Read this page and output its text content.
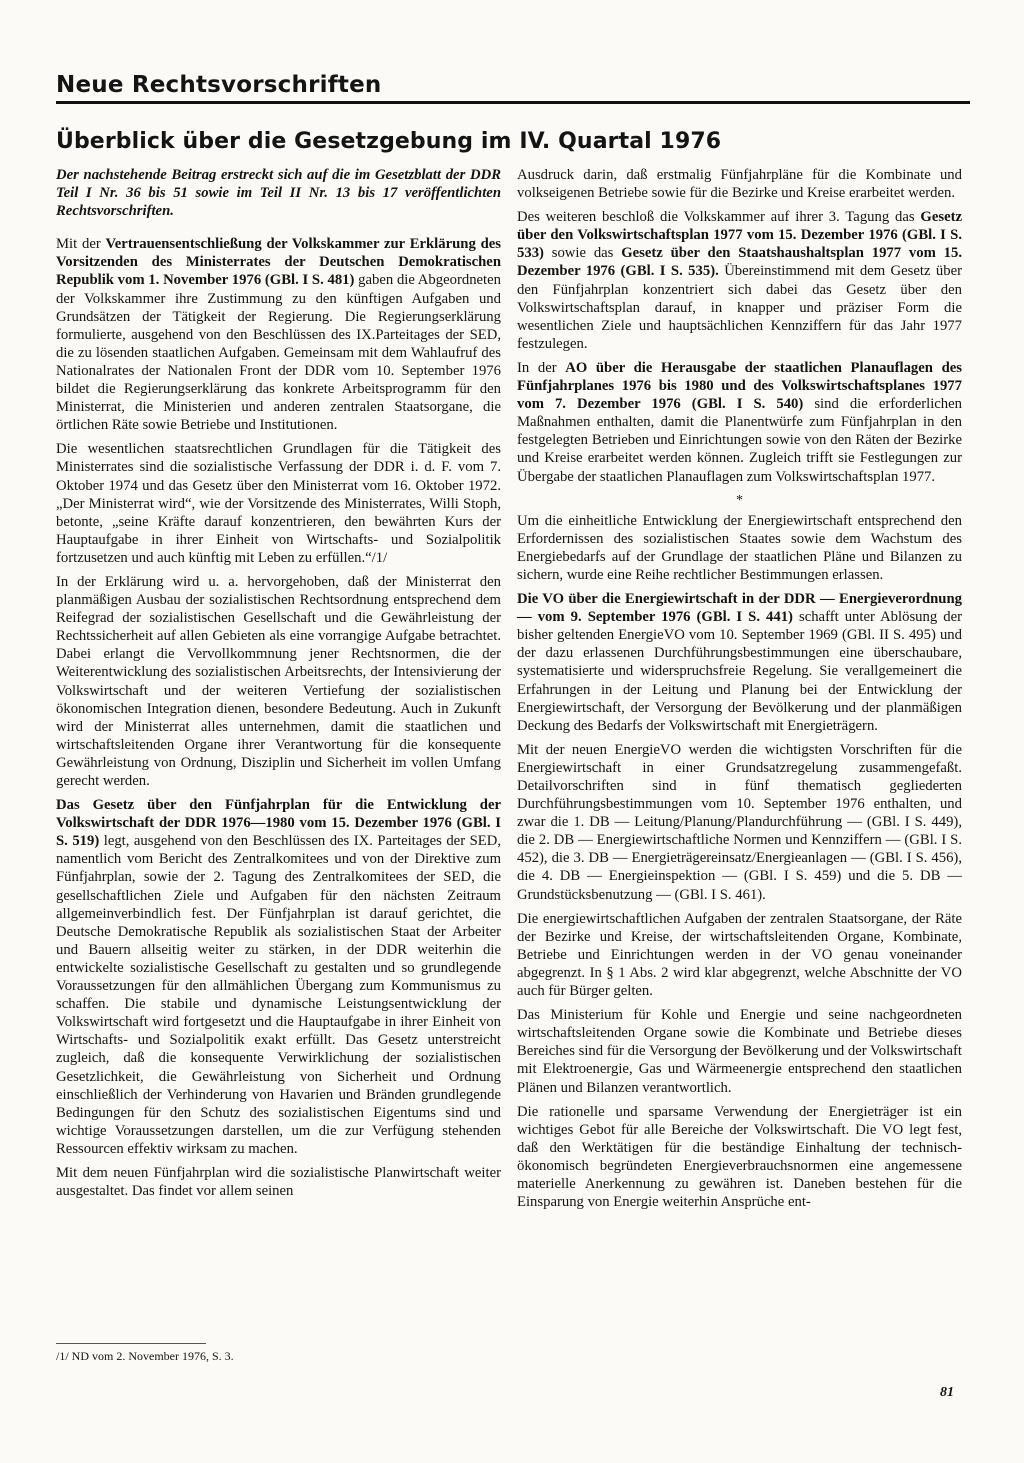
Neue Rechtsvorschriften
Überblick über die Gesetzgebung im IV. Quartal 1976

Der nachstehende Beitrag erstreckt sich auf die im Gesetzblatt der DDR Teil I Nr. 36 bis 51 sowie im Teil II Nr. 13 bis 17 veröffentlichten Rechtsvorschriften.

Mit der Vertrauensentschließung der Volkskammer zur Erklärung des Vorsitzenden des Ministerrates der Deutschen Demokratischen Republik vom 1. November 1976 (GBl. I S. 481) gaben die Abgeordneten der Volkskammer ihre Zustimmung zu den künftigen Aufgaben und Grundsätzen der Tätigkeit der Regierung. Die Regierungserklärung formulierte, ausgehend von den Beschlüssen des IX.Parteitages der SED, die zu lösenden staatlichen Aufgaben. Gemeinsam mit dem Wahlaufruf des Nationalrates der Nationalen Front der DDR vom 10. September 1976 bildet die Regierungserklärung das konkrete Arbeitsprogramm für den Ministerrat, die Ministerien und anderen zentralen Staatsorgane, die örtlichen Räte sowie Betriebe und Institutionen.

Die wesentlichen staatsrechtlichen Grundlagen für die Tätigkeit des Ministerrates sind die sozialistische Verfassung der DDR i. d. F. vom 7. Oktober 1974 und das Gesetz über den Ministerrat vom 16. Oktober 1972. „Der Ministerrat wird“, wie der Vorsitzende des Ministerrates, Willi Stoph, betonte, „seine Kräfte darauf konzentrieren, den bewährten Kurs der Hauptaufgabe in ihrer Einheit von Wirtschafts- und Sozialpolitik fortzusetzen und auch künftig mit Leben zu erfüllen.“/1/

In der Erklärung wird u. a. hervorgehoben, daß der Ministerrat den planmäßigen Ausbau der sozialistischen Rechtsordnung entsprechend dem Reifegrad der sozialistischen Gesellschaft und die Gewährleistung der Rechtssicherheit auf allen Gebieten als eine vorrangige Aufgabe betrachtet. Dabei erlangt die Vervollkommnung jener Rechtsnormen, die der Weiterentwicklung des sozialistischen Arbeitsrechts, der Intensivierung der Volkswirtschaft und der weiteren Vertiefung der sozialistischen ökonomischen Integration dienen, besondere Bedeutung. Auch in Zukunft wird der Ministerrat alles unternehmen, damit die staatlichen und wirtschaftsleitenden Organe ihrer Verantwortung für die konsequente Gewährleistung von Ordnung, Disziplin und Sicherheit im vollen Umfang gerecht werden.

Das Gesetz über den Fünfjahrplan für die Entwicklung der Volkswirtschaft der DDR 1976—1980 vom 15. Dezember 1976 (GBl. I S. 519) legt, ausgehend von den Beschlüssen des IX. Parteitages der SED, namentlich vom Bericht des Zentralkomitees und von der Direktive zum Fünfjahrplan, sowie der 2. Tagung des Zentralkomitees der SED, die gesellschaftlichen Ziele und Aufgaben für den nächsten Zeitraum allgemeinverbindlich fest. Der Fünfjahrplan ist darauf gerichtet, die Deutsche Demokratische Republik als sozialistischen Staat der Arbeiter und Bauern allseitig weiter zu stärken, in der DDR weiterhin die entwickelte sozialistische Gesellschaft zu gestalten und so grundlegende Voraussetzungen für den allmählichen Übergang zum Kommunismus zu schaffen. Die stabile und dynamische Leistungsentwicklung der Volkswirtschaft wird fortgesetzt und die Hauptaufgabe in ihrer Einheit von Wirtschafts- und Sozialpolitik exakt erfüllt. Das Gesetz unterstreicht zugleich, daß die konsequente Verwirklichung der sozialistischen Gesetzlichkeit, die Gewährleistung von Sicherheit und Ordnung einschließlich der Verhinderung von Havarien und Bränden grundlegende Bedingungen für den Schutz des sozialistischen Eigentums sind und wichtige Voraussetzungen darstellen, um die zur Verfügung stehenden Ressourcen effektiv wirksam zu machen.

Mit dem neuen Fünfjahrplan wird die sozialistische Planwirtschaft weiter ausgestaltet. Das findet vor allem seinen

Ausdruck darin, daß erstmalig Fünfjahrpläne für die Kombinate und volkseigenen Betriebe sowie für die Bezirke und Kreise erarbeitet werden.

Des weiteren beschloß die Volkskammer auf ihrer 3. Tagung das Gesetz über den Volkswirtschaftsplan 1977 vom 15. Dezember 1976 (GBl. I S. 533) sowie das Gesetz über den Staatshaushaltsplan 1977 vom 15. Dezember 1976 (GBl. I S. 535). Übereinstimmend mit dem Gesetz über den Fünfjahrplan konzentriert sich dabei das Gesetz über den Volkswirtschaftsplan darauf, in knapper und präziser Form die wesentlichen Ziele und hauptsächlichen Kennziffern für das Jahr 1977 festzulegen.

In der AO über die Herausgabe der staatlichen Planauflagen des Fünfjahrplanes 1976 bis 1980 und des Volkswirtschaftsplanes 1977 vom 7. Dezember 1976 (GBl. I S. 540) sind die erforderlichen Maßnahmen enthalten, damit die Planentwürfe zum Fünfjahrplan in den festgelegten Betrieben und Einrichtungen sowie von den Räten der Bezirke und Kreise erarbeitet werden können. Zugleich trifft sie Festlegungen zur Übergabe der staatlichen Planauflagen zum Volkswirtschaftsplan 1977.

*

Um die einheitliche Entwicklung der Energiewirtschaft entsprechend den Erfordernissen des sozialistischen Staates sowie dem Wachstum des Energiebedarfs auf der Grundlage der staatlichen Pläne und Bilanzen zu sichern, wurde eine Reihe rechtlicher Bestimmungen erlassen.

Die VO über die Energiewirtschaft in der DDR — Energieverordnung — vom 9. September 1976 (GBl. I S. 441) schafft unter Ablösung der bisher geltenden EnergieVO vom 10. September 1969 (GBl. II S. 495) und der dazu erlassenen Durchführungsbestimmungen eine überschaubare, systematisierte und widerspruchsfreie Regelung. Sie verallgemeinert die Erfahrungen in der Leitung und Planung bei der Entwicklung der Energiewirtschaft, der Versorgung der Bevölkerung und der planmäßigen Deckung des Bedarfs der Volkswirtschaft mit Energieträgern.

Mit der neuen EnergieVO werden die wichtigsten Vorschriften für die Energiewirtschaft in einer Grundsatzregelung zusammengefaßt. Detailvorschriften sind in fünf thematisch gegliederten Durchführungsbestimmungen vom 10. September 1976 enthalten, und zwar die 1. DB — Leitung/Planung/Plandurchführung — (GBl. I S. 449), die 2. DB — Energiewirtschaftliche Normen und Kennziffern — (GBl. I S. 452), die 3. DB — Energieträgereinsatz/Energieanlagen — (GBl. I S. 456), die 4. DB — Energieinspektion — (GBl. I S. 459) und die 5. DB — Grundstücksbenutzung — (GBl. I S. 461).

Die energiewirtschaftlichen Aufgaben der zentralen Staatsorgane, der Räte der Bezirke und Kreise, der wirtschaftsleitenden Organe, Kombinate, Betriebe und Einrichtungen werden in der VO genau voneinander abgegrenzt. In § 1 Abs. 2 wird klar abgegrenzt, welche Abschnitte der VO auch für Bürger gelten.

Das Ministerium für Kohle und Energie und seine nachgeordneten wirtschaftsleitenden Organe sowie die Kombinate und Betriebe dieses Bereiches sind für die Versorgung der Bevölkerung und der Volkswirtschaft mit Elektroenergie, Gas und Wärmeenergie entsprechend den staatlichen Plänen und Bilanzen verantwortlich.

Die rationelle und sparsame Verwendung der Energieträger ist ein wichtiges Gebot für alle Bereiche der Volkswirtschaft. Die VO legt fest, daß den Werktätigen für die beständige Einhaltung der technisch-ökonomisch begründeten Energieverbrauchsnormen eine angemessene materielle Anerkennung zu gewähren ist. Daneben bestehen für die Einsparung von Energie weiterhin Ansprüche ent-

/1/ ND vom 2. November 1976, S. 3.
81
